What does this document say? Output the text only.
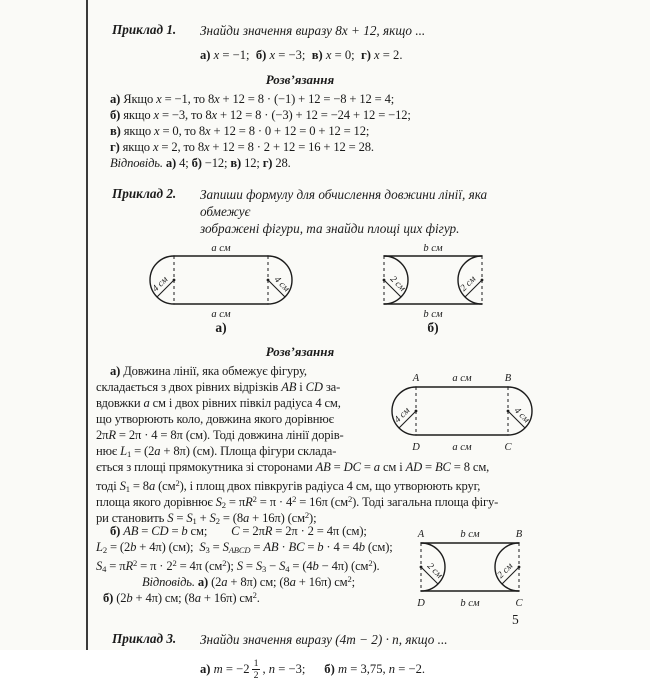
Приклад 1.	Знайди значення виразу 8x + 12, якщо ...
а) x = −1;  б) x = −3;  в) x = 0;  г) x = 2.
Розв’язання
а) Якщо x = −1, то 8x + 12 = 8 · (−1) + 12 = −8 + 12 = 4;
б) якщо x = −3, то 8x + 12 = 8 · (−3) + 12 = −24 + 12 = −12;
в) якщо x = 0, то 8x + 12 = 8 · 0 + 12 = 0 + 12 = 12;
г) якщо x = 2, то 8x + 12 = 8 · 2 + 12 = 16 + 12 = 28.
Відповідь. а) 4; б) −12; в) 12; г) 28.
Приклад 2.	Запиши формулу для обчислення довжини лінії, яка обмежує
зображені фігури, та знайди площі цих фігур.
а см
4 см	4 см
а см
а)
b см
2 см	2 см
b см
б)
Розв’язання
а) Довжина лінії, яка обмежує фігуру,
складається з двох рівних відрізків AB і CD за-
вдовжки a см і двох рівних півкіл радіуса 4 см,
що утворюють коло, довжина якого дорівнює
2πR = 2π · 4 = 8π (см). Тоді довжина лінії дорів-
нює $L_1 = (2a + 8\pi)$ (см). Площа фігури склада-
A	а см	B
4 см	4 см
D	а см	C
ється з площі прямокутника зі сторонами AB = DC = a см і AD = BC = 8 см,
тоді $S_1 = 8a$ $(см^2)$, і площ двох півкругів радіуса 4 см, що утворюють круг,
площа якого дорівнює $S_2 = \pi R^2 = \pi \cdot 4^2 = 16\pi$ $(см^2)$. Тоді загальна площа фігу-
ри становить $S = S_1 + S_2 = (8a + 16\pi)$ $(см^2)$;
б) AB = CD = b см;        C = 2πR = 2π · 2 = 4π (см);
$L_2 = (2b + 4\pi)$ (см);  $S_3 = S_{ABCD}$ = AB · BC = b · 4 = 4b (см);
$S_4 = \pi R^2 = \pi \cdot 2^2 = 4\pi$ $(см^2)$; $S = S_3 - S_4 = (4b - 4\pi)$ $(см^2)$.
Відповідь. а) (2a + 8π) см; (8a + 16π) $см^2$;
б) (2b + 4π) см; (8a + 16π) $см^2$.
A	b см	B
2 см	2 см
D	b см	C
Приклад 3.	Знайди значення виразу (4m − 2) · n, якщо ...
а) $m = -2 \frac{1}{2}$ , n = −3;      б) m = 3,75, n = −2.
5
